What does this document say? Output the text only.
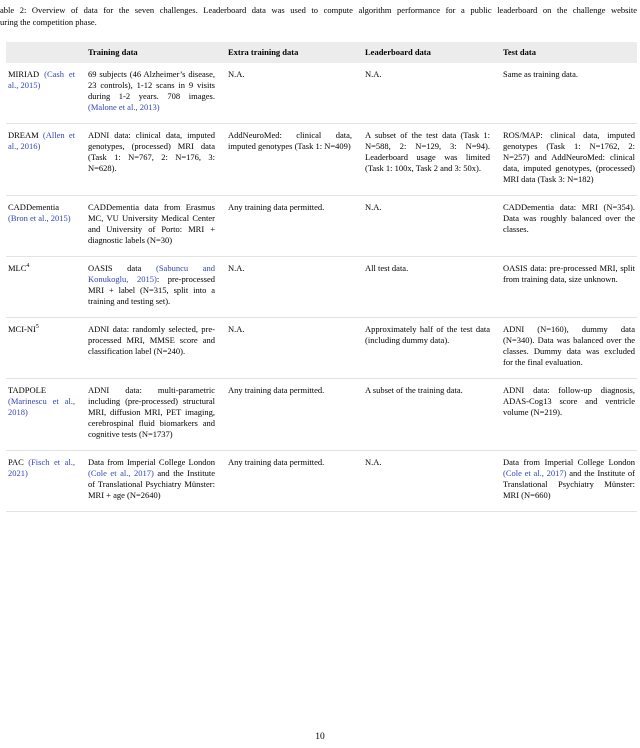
able 2: Overview of data for the seven challenges. Leaderboard data was used to compute algorithm performance for a public leaderboard on the challenge website
uring the competition phase.
	Training data	Extra training data	Leaderboard data	Test data
MIRIAD (Cash et al., 2015)	69 subjects (46 Alzheimer’s disease, 23 controls), 1-12 scans in 9 visits during 1-2 years. 708 images. (Malone et al., 2013)	N.A.	N.A.	Same as training data.
DREAM (Allen et al., 2016)	ADNI data: clinical data, imputed genotypes, (processed) MRI data (Task 1: N=767, 2: N=176, 3: N=628).	AddNeuroMed: clinical data, imputed genotypes (Task 1: N=409)	A subset of the test data (Task 1: N=588, 2: N=129, 3: N=94). Leaderboard usage was limited (Task 1: 100x, Task 2 and 3: 50x).	ROS/MAP: clinical data, imputed genotypes (Task 1: N=1762, 2: N=257) and AddNeuroMed: clinical data, imputed genotypes, (processed) MRI data (Task 3: N=182)
CADDementia (Bron et al., 2015)	CADDementia data from Erasmus MC, VU University Medical Center and University of Porto: MRI + diagnostic labels (N=30)	Any training data permitted.	N.A.	CADDementia data: MRI (N=354). Data was roughly balanced over the classes.
MLC$^4$	OASIS data (Sabuncu and Konukoglu, 2015): pre-processed MRI + label (N=315, split into a training and testing set).	N.A.	All test data.	OASIS data: pre-processed MRI, split from training data, size unknown.
MCI-$NI^5$	ADNI data: randomly selected, pre-processed MRI, MMSE score and classification label (N=240).	N.A.	Approximately half of the test data (including dummy data).	ADNI (N=160), dummy data (N=340). Data was balanced over the classes. Dummy data was excluded for the final evaluation.
TADPOLE (Marinescu et al., 2018)	ADNI data: multi-parametric including (pre-processed) structural MRI, diffusion MRI, PET imaging, cerebrospinal fluid biomarkers and cognitive tests (N=1737)	Any training data permitted.	A subset of the training data.	ADNI data: follow-up diagnosis, ADAS-Cog13 score and ventricle volume (N=219).
PAC (Fisch et al., 2021)	Data from Imperial College London (Cole et al., 2017) and the Institute of Translational Psychiatry Münster: MRI + age (N=2640)	Any training data permitted.	N.A.	Data from Imperial College London (Cole et al., 2017) and the Institute of Translational Psychiatry Münster: MRI (N=660)
10
